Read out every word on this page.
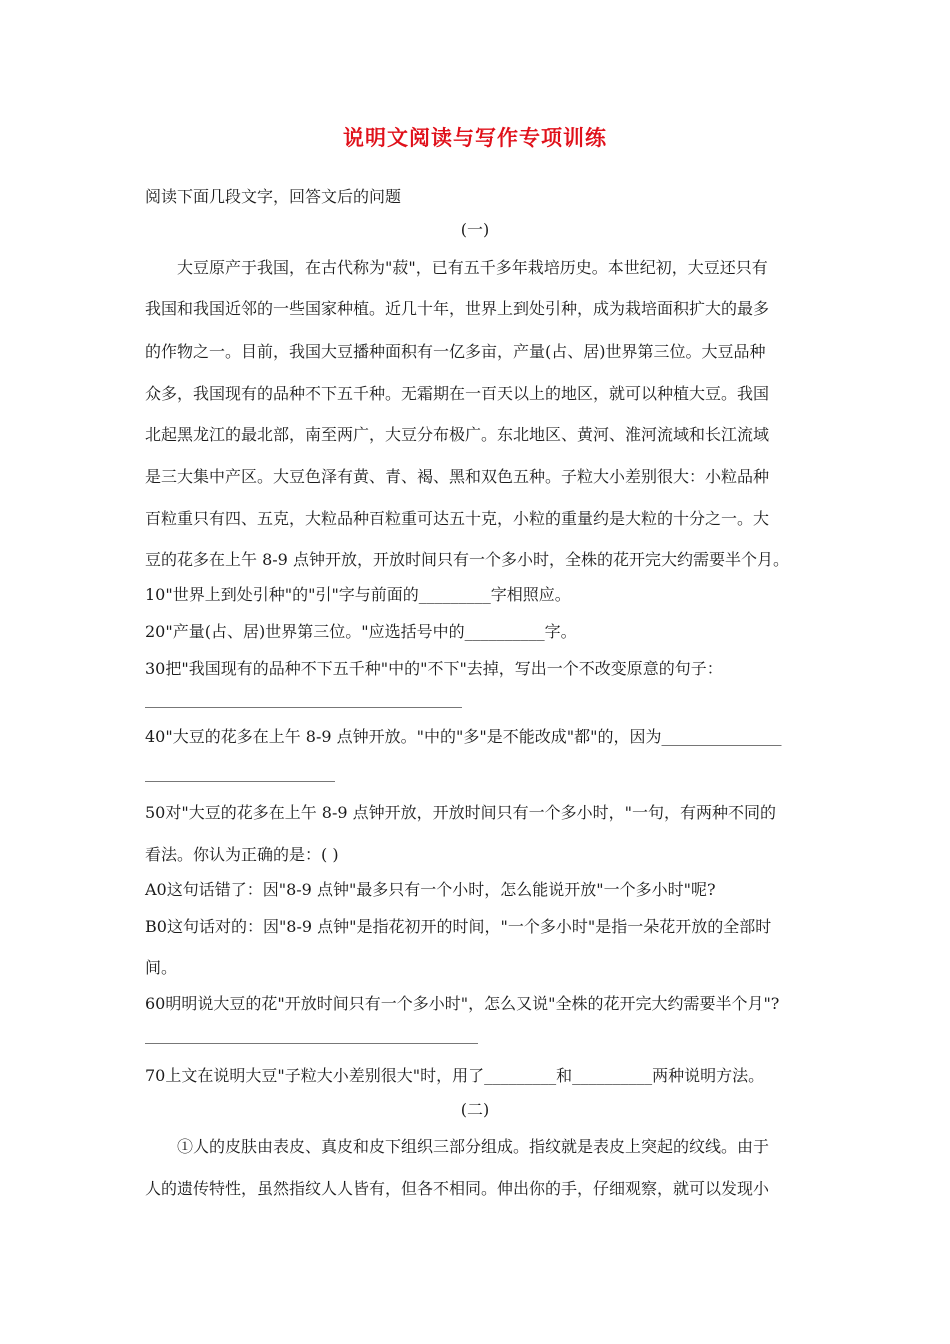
说明文阅读与写作专项训练
阅读下面几段文字，回答文后的问题
(一)
大豆原产于我国，在古代称为"菽"，已有五千多年栽培历史。本世纪初，大豆还只有
我国和我国近邻的一些国家种植。近几十年，世界上到处引种，成为栽培面积扩大的最多
的作物之一。目前，我国大豆播种面积有一亿多亩，产量(占、居)世界第三位。大豆品种
众多，我国现有的品种不下五千种。无霜期在一百天以上的地区，就可以种植大豆。我国
北起黑龙江的最北部，南至两广，大豆分布极广。东北地区、黄河、淮河流域和长江流域
是三大集中产区。大豆色泽有黄、青、褐、黑和双色五种。子粒大小差别很大：小粒品种
百粒重只有四、五克，大粒品种百粒重可达五十克，小粒的重量约是大粒的十分之一。大
豆的花多在上午 8-9 点钟开放，开放时间只有一个多小时，全株的花开完大约需要半个月。
10"世界上到处引种"的"引"字与前面的_________字相照应。
20"产量(占、居)世界第三位。"应选括号中的__________字。
30把"我国现有的品种不下五千种"中的"不下"去掉，写出一个不改变原意的句子：
40"大豆的花多在上午 8-9 点钟开放。"中的"多"是不能改成"都"的，因为_______________
50对"大豆的花多在上午 8-9 点钟开放，开放时间只有一个多小时，"一句，有两种不同的
看法。你认为正确的是：( )
A0这句话错了：因"8-9 点钟"最多只有一个小时，怎么能说开放"一个多小时"呢?
B0这句话对的：因"8-9 点钟"是指花初开的时间，"一个多小时"是指一朵花开放的全部时
间。
60明明说大豆的花"开放时间只有一个多小时"，怎么又说"全株的花开完大约需要半个月"?
70上文在说明大豆"子粒大小差别很大"时，用了_________和__________两种说明方法。
(二)
①人的皮肤由表皮、真皮和皮下组织三部分组成。指纹就是表皮上突起的纹线。由于
人的遗传特性，虽然指纹人人皆有，但各不相同。伸出你的手，仔细观察，就可以发现小
